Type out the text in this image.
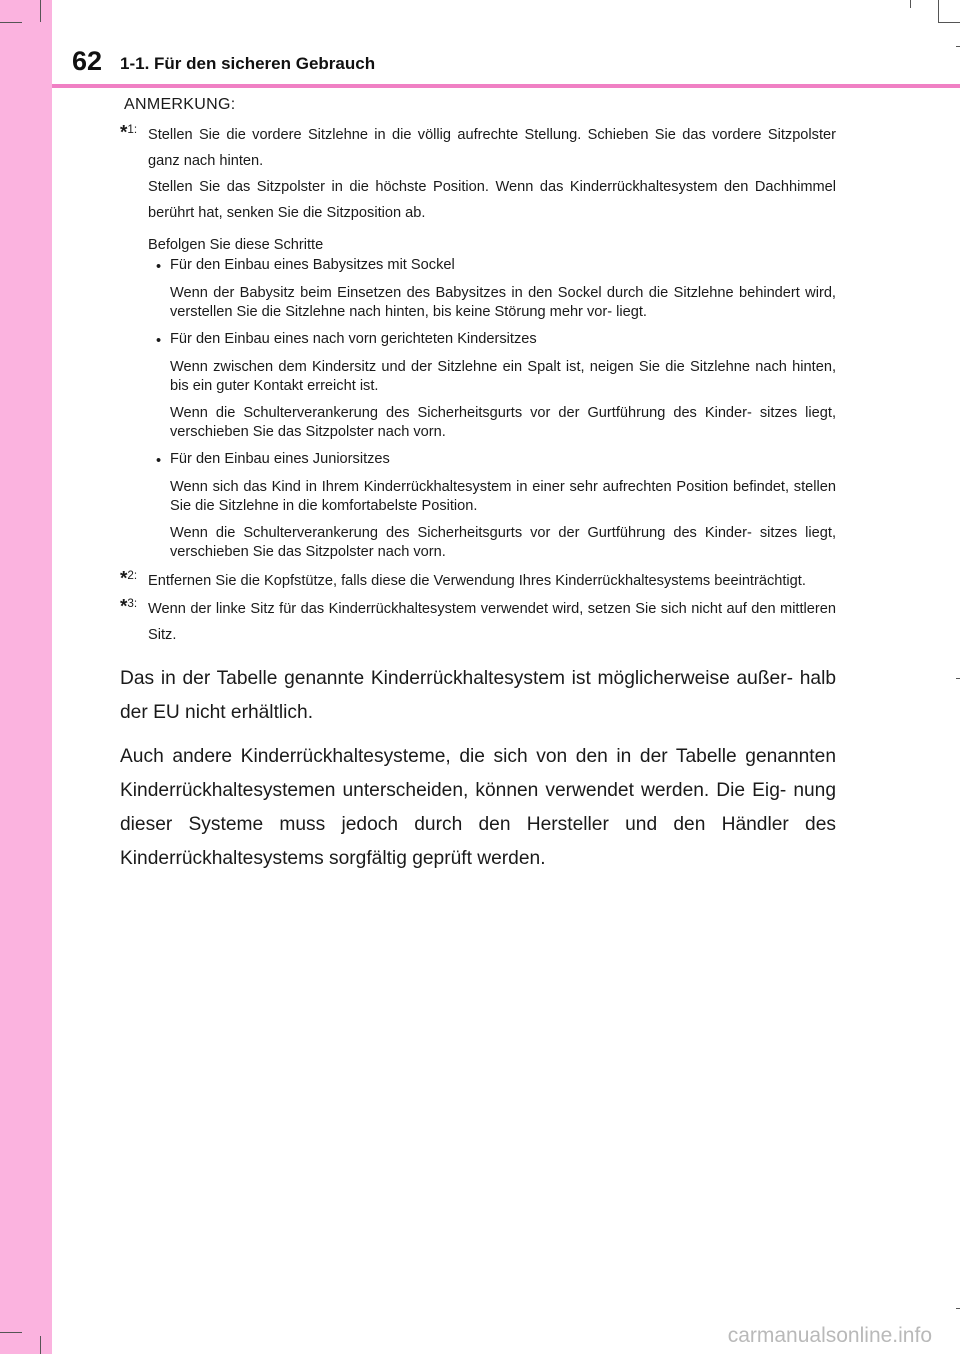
62 1-1. Für den sicheren Gebrauch
ANMERKUNG:
*$^{1:}$ Stellen Sie die vordere Sitzlehne in die völlig aufrechte Stellung. Schieben Sie das vordere Sitzpolster ganz nach hinten.

Stellen Sie das Sitzpolster in die höchste Position. Wenn das Kinderrückhaltesystem den Dachhimmel berührt hat, senken Sie die Sitzposition ab.

Befolgen Sie diese Schritte

• Für den Einbau eines Babysitzes mit Sockel

Wenn der Babysitz beim Einsetzen des Babysitzes in den Sockel durch die Sitzlehne behindert wird, verstellen Sie die Sitzlehne nach hinten, bis keine Störung mehr vor- liegt.

• Für den Einbau eines nach vorn gerichteten Kindersitzes

Wenn zwischen dem Kindersitz und der Sitzlehne ein Spalt ist, neigen Sie die Sitzlehne nach hinten, bis ein guter Kontakt erreicht ist.

Wenn die Schulterverankerung des Sicherheitsgurts vor der Gurtführung des Kinder- sitzes liegt, verschieben Sie das Sitzpolster nach vorn.

• Für den Einbau eines Juniorsitzes

Wenn sich das Kind in Ihrem Kinderrückhaltesystem in einer sehr aufrechten Position befindet, stellen Sie die Sitzlehne in die komfortabelste Position.

Wenn die Schulterverankerung des Sicherheitsgurts vor der Gurtführung des Kinder- sitzes liegt, verschieben Sie das Sitzpolster nach vorn.

*$^{2:}$ Entfernen Sie die Kopfstütze, falls diese die Verwendung Ihres Kinderrückhaltesystems beeinträchtigt.

*$^{3:}$ Wenn der linke Sitz für das Kinderrückhaltesystem verwendet wird, setzen Sie sich nicht auf den mittleren Sitz.

Das in der Tabelle genannte Kinderrückhaltesystem ist möglicherweise außer- halb der EU nicht erhältlich.

Auch andere Kinderrückhaltesysteme, die sich von den in der Tabelle genannten Kinderrückhaltesystemen unterscheiden, können verwendet werden. Die Eig- nung dieser Systeme muss jedoch durch den Hersteller und den Händler des Kinderrückhaltesystems sorgfältig geprüft werden.

carmanualsonline.info
